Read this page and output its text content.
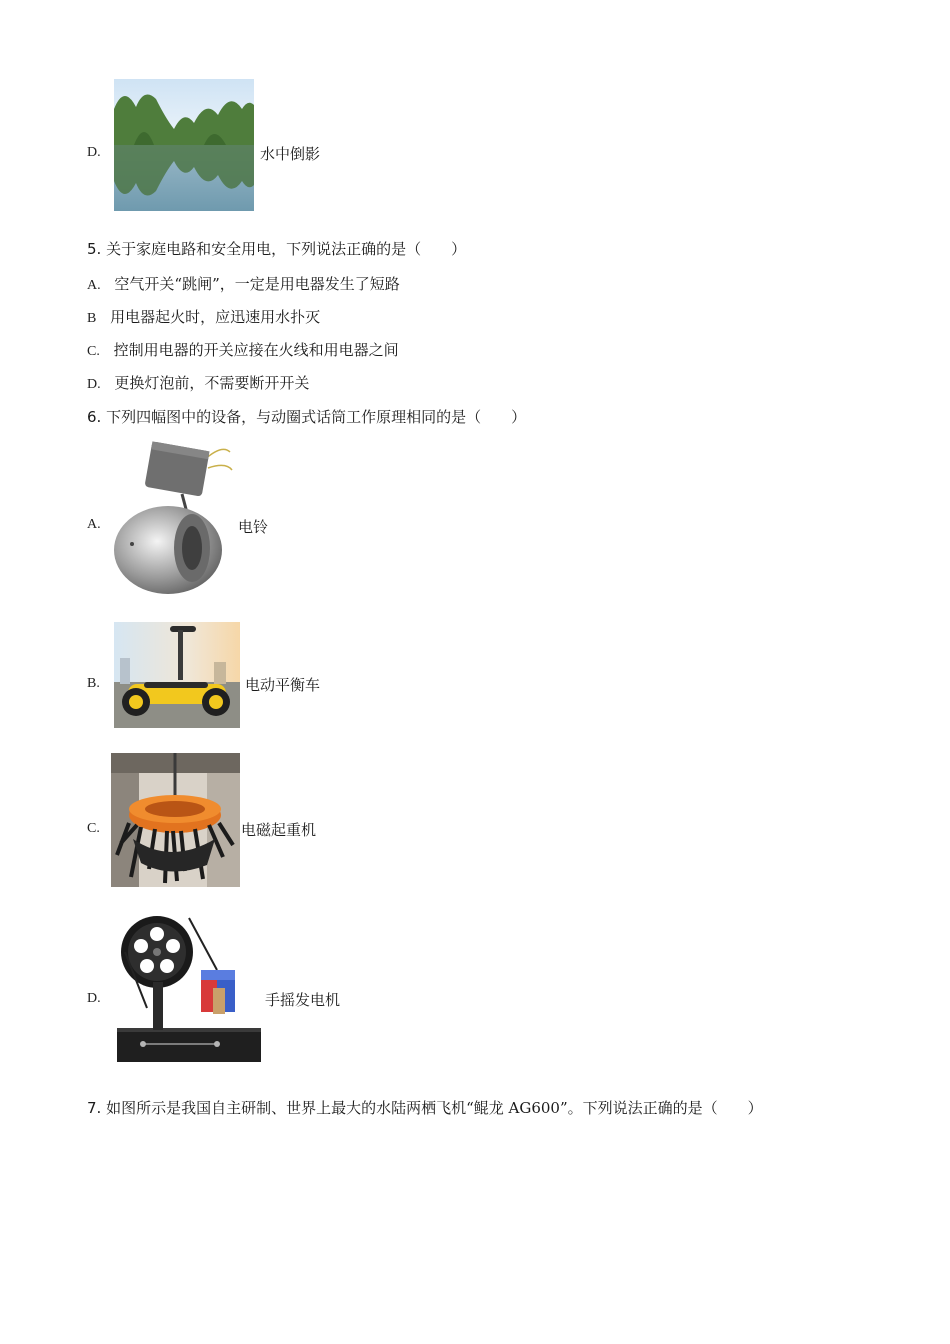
D.	水中倒影
5. 关于家庭电路和安全用电，下列说法正确的是（　　）
A. 空气开关“跳闸”，一定是用电器发生了短路
B 用电器起火时，应迅速用水扑灭
C. 控制用电器的开关应接在火线和用电器之间
D. 更换灯泡前，不需要断开开关
6. 下列四幅图中的设备，与动圈式话筒工作原理相同的是（　　）
A.	电铃
B.	电动平衡车
C.	电磁起重机
D.	手摇发电机
7. 如图所示是我国自主研制、世界上最大的水陆两栖飞机“鲲龙 AG600”。下列说法正确的是（　　）
